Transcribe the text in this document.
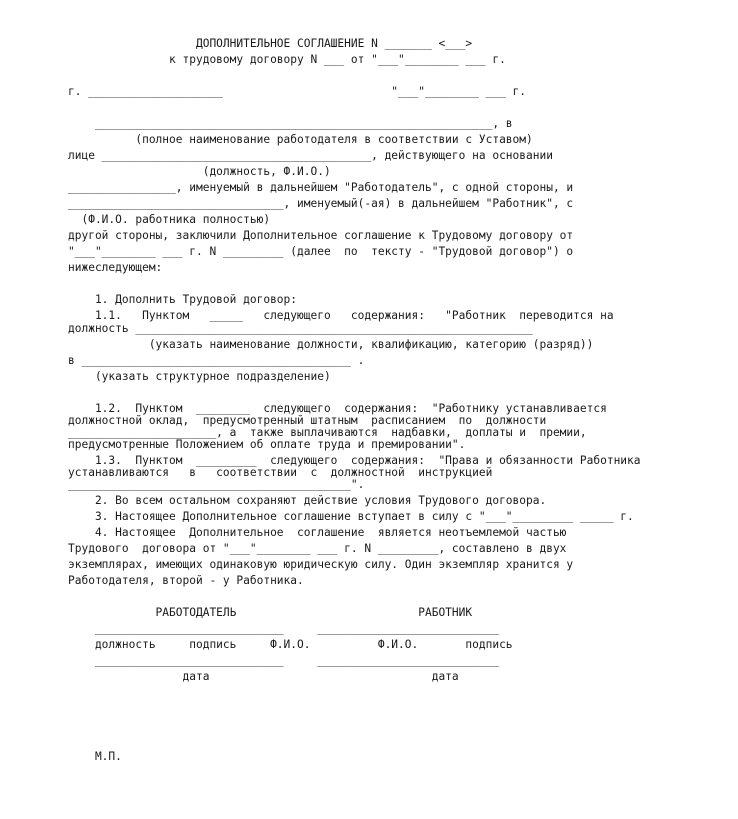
ДОПОЛНИТЕЛЬНОЕ СОГЛАШЕНИЕ N _______ <___>
к трудовому договору N ___ от "___"________ ___ г.
г. ____________________                         "___"________ ___ г.
___________________________________________________________, в
(полное наименование работодателя в соответствии с Уставом)
лице ________________________________________, действующего на основании
(должность, Ф.И.О.)
________________, именуемый в дальнейшем "Работодатель", с одной стороны, и
________________________________, именуемый(-ая) в дальнейшем "Работник", с
(Ф.И.О. работника полностью)
другой стороны, заключили Дополнительное соглашение к Трудовому договору от
"___"________ ___ г. N _________ (далее  по  тексту - "Трудовой договор") о
нижеследующем:
1. Дополнить Трудовой договор:
1.1.   Пунктом   _____   следующего   содержания:   "Работник  переводится на
должность ___________________________________________________________
(указать наименование должности, квалификацию, категорию (разряд))
в ________________________________________ .
(указать структурное подразделение)
1.2.  Пунктом  ________  следующего  содержания:  "Работнику устанавливается
должностной оклад,  предусмотренный штатным  расписанием  по  должности
______________________, а  также выплачиваются  надбавки,  доплаты и  премии,
предусмотренные Положением об оплате труда и премировании".
1.3.  Пунктом  _________  следующего  содержания:  "Права и обязанности Работника
устанавливаются   в   соответствии  с  должностной  инструкцией
__________________________________________".
2. Во всем остальном сохраняют действие условия Трудового договора.
3. Настоящее Дополнительное соглашение вступает в силу с "___"_________ _____ г.
4. Настоящее  Дополнительное  соглашение  является неотъемлемой частью
Трудового  договора от "___"________ ___ г. N _________, составлено в двух
экземплярах, имеющих одинаковую юридическую силу. Один экземпляр хранится у
Работодателя, второй - у Работника.
РАБОТОДАТЕЛЬ                           РАБОТНИК
____________________________     ___________________________
должность     подпись     Ф.И.О.          Ф.И.О.       подпись
____________________________     ___________________________
дата                                 дата
М.П.
